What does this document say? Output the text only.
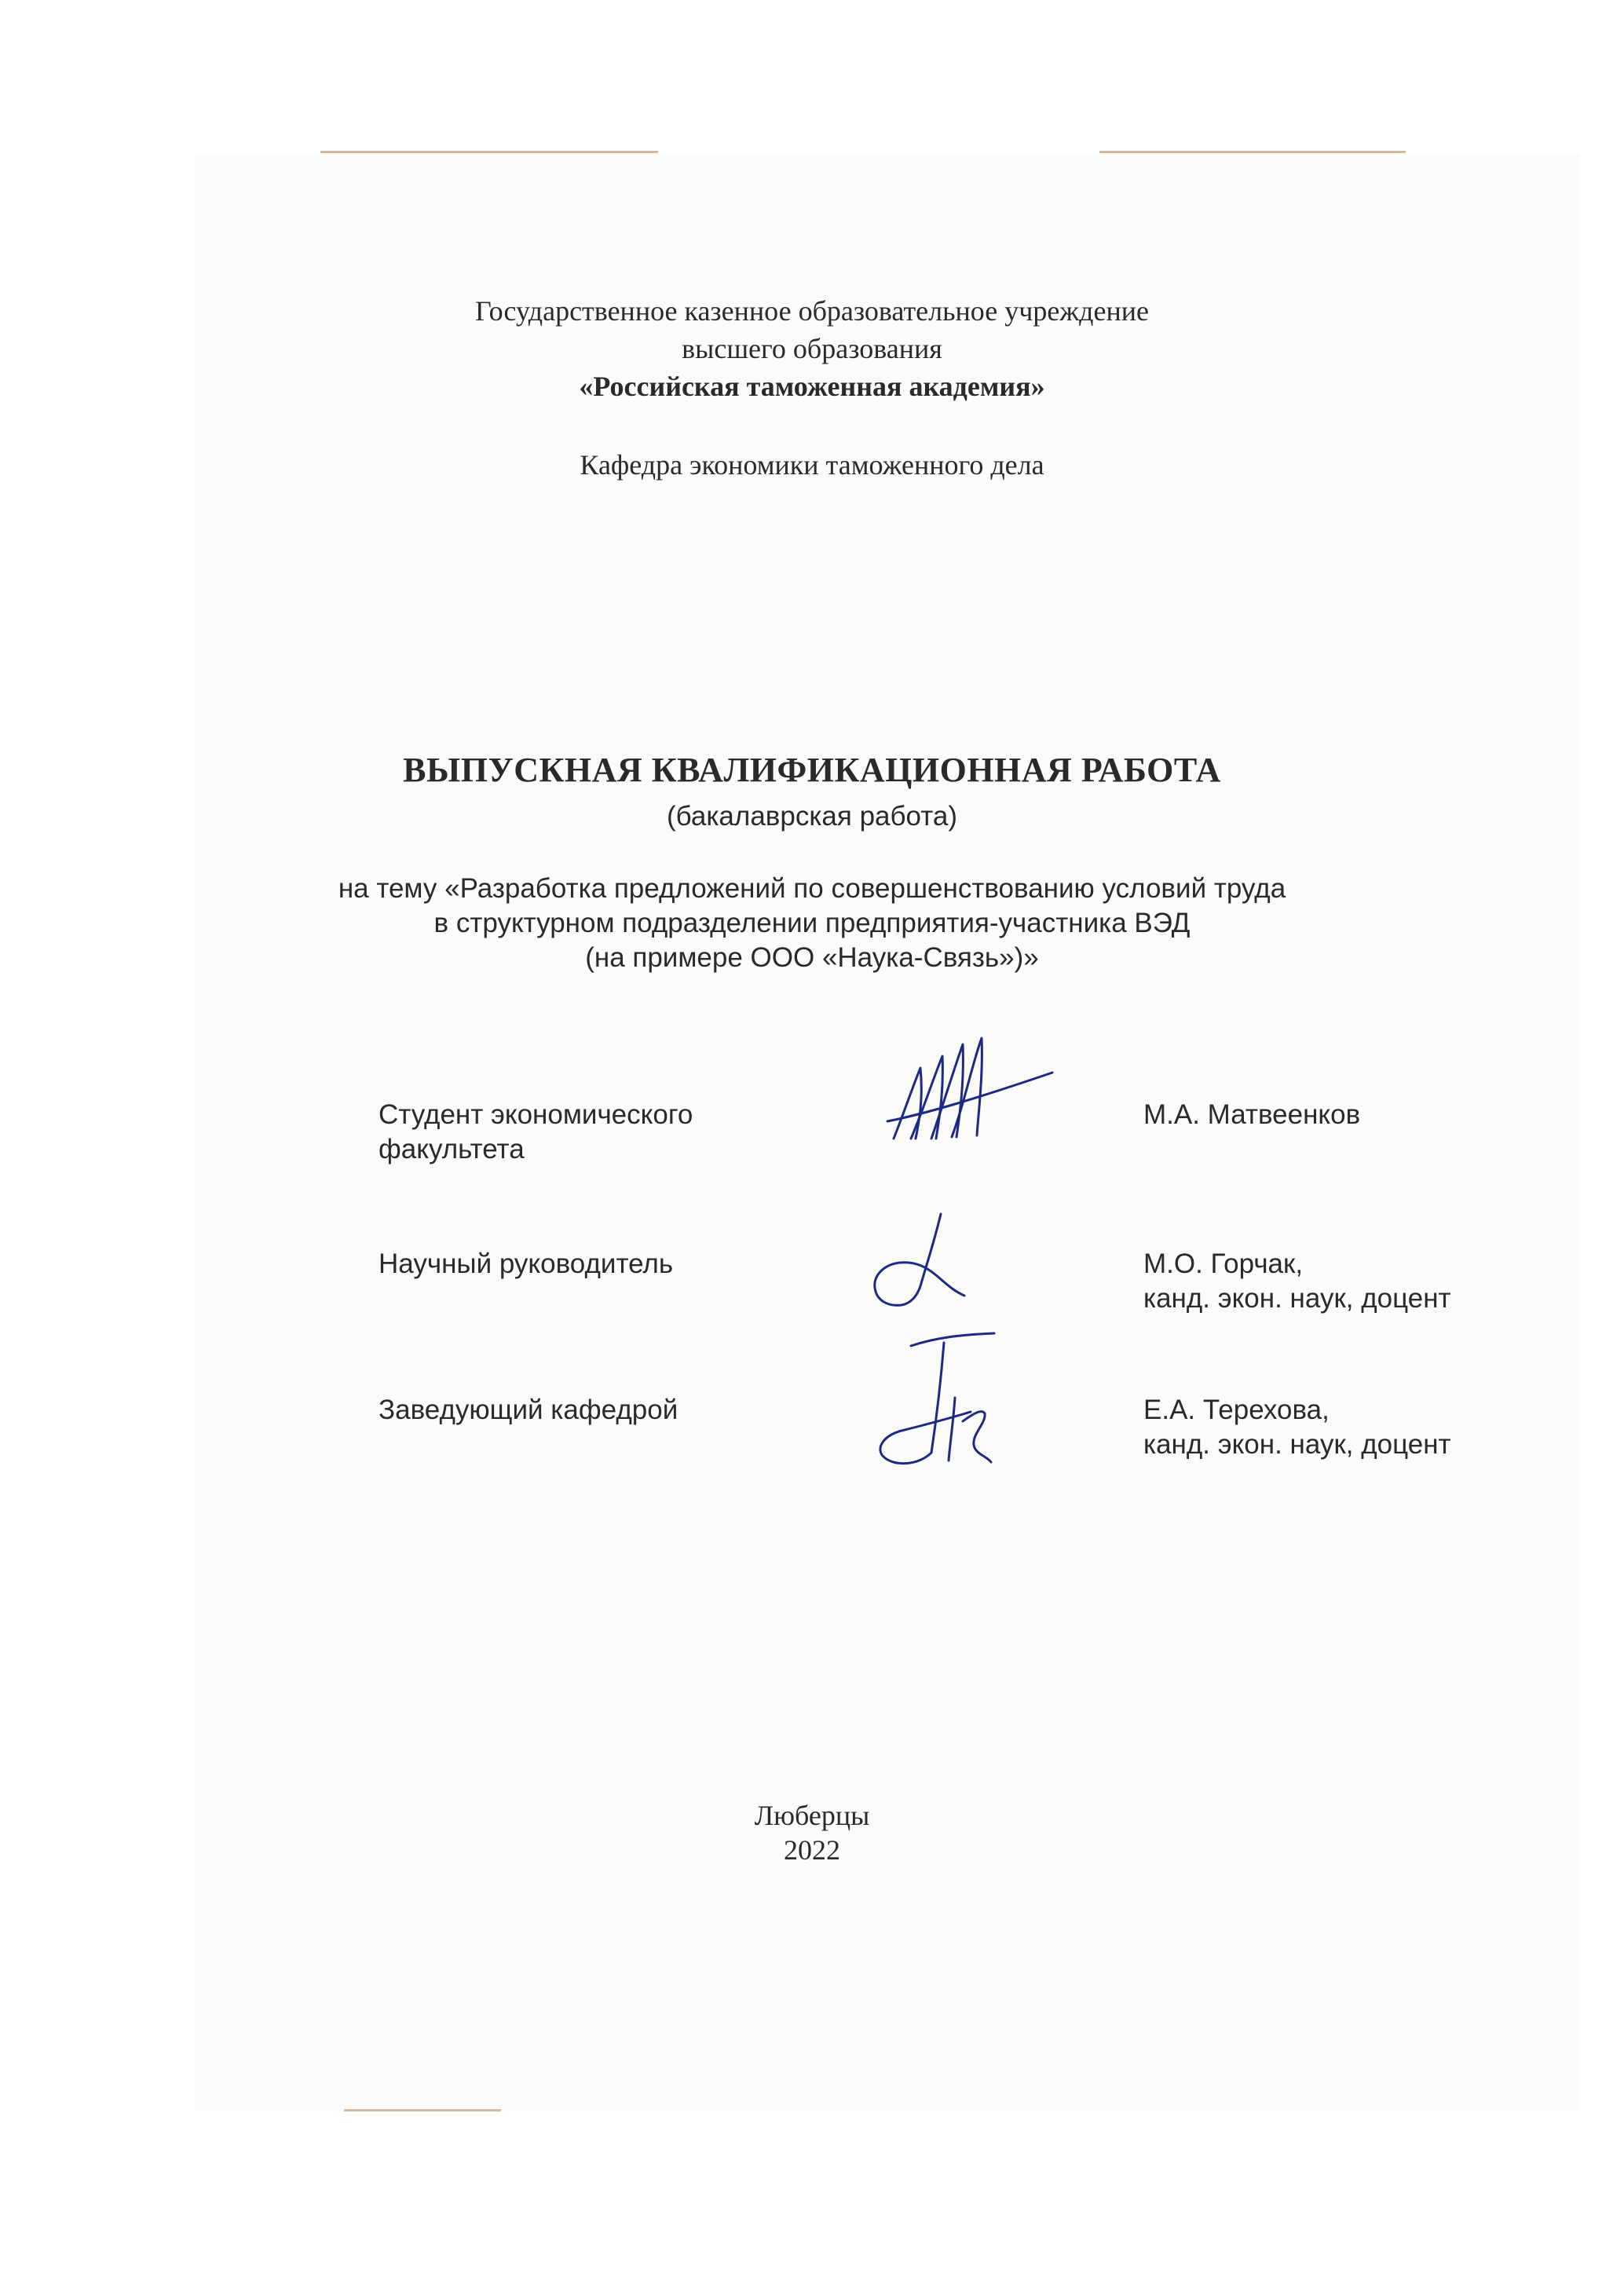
Государственное казенное образовательное учреждение
высшего образования
«Российская таможенная академия»
Кафедра экономики таможенного дела
ВЫПУСКНАЯ КВАЛИФИКАЦИОННАЯ РАБОТА
(бакалаврская работа)
на тему «Разработка предложений по совершенствованию условий труда
в структурном подразделении предприятия-участника ВЭД
(на примере ООО «Наука-Связь»)»
Студент экономического
факультета
М.А. Матвеенков
Научный руководитель	М.О. Горчак,
канд. экон. наук, доцент
Заведующий кафедрой	Е.А. Терехова,
канд. экон. наук, доцент
Люберцы
2022
